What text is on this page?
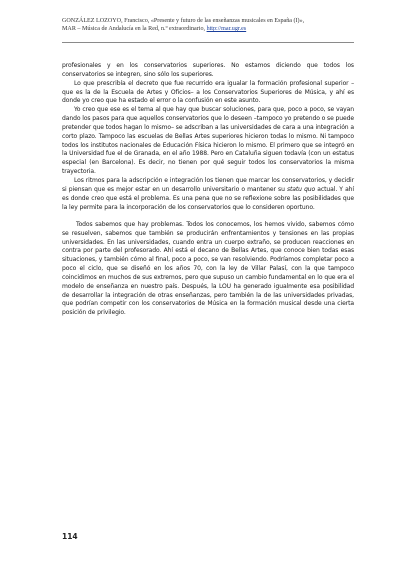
GONZÁLEZ LOZOYO, Francisco, «Presente y futuro de las enseñanzas musicales en España (I)»,
MAR – Música de Andalucía en la Red, n.º extraordinario, http://mar.ugr.es

profesionales y en los conservatorios superiores. No estamos diciendo que todos los conservatorios se integren, sino sólo los superiores.

Lo que prescribía el decreto que fue recurrido era igualar la formación profesional superior –que es la de la Escuela de Artes y Oficios– a los Conservatorios Superiores de Música, y ahí es donde yo creo que ha estado el error o la confusión en este asunto.

Yo creo que ese es el tema al que hay que buscar soluciones, para que, poco a poco, se vayan dando los pasos para que aquellos conservatorios que lo deseen –tampoco yo pretendo o se puede pretender que todos hagan lo mismo– se adscriban a las universidades de cara a una integración a corto plazo. Tampoco las escuelas de Bellas Artes superiores hicieron todas lo mismo. Ni tampoco todos los institutos nacionales de Educación Física hicieron lo mismo. El primero que se integró en la Universidad fue el de Granada, en el año 1988. Pero en Cataluña siguen todavía (con un estatus especial (en Barcelona). Es decir, no tienen por qué seguir todos los conservatorios la misma trayectoria.

Los ritmos para la adscripción e integración los tienen que marcar los conservatorios, y decidir si piensan que es mejor estar en un desarrollo universitario o mantener su statu quo actual. Y ahí es donde creo que está el problema. Es una pena que no se reflexione sobre las posibilidades que la ley permite para la incorporación de los conservatorios que lo consideren oportuno.

Todos sabemos que hay problemas. Todos los conocemos, los hemos vivido, sabemos cómo se resuelven, sabemos que también se producirán enfrentamientos y tensiones en las propias universidades. En las universidades, cuando entra un cuerpo extraño, se producen reacciones en contra por parte del profesorado. Ahí está el decano de Bellas Artes, que conoce bien todas esas situaciones, y también cómo al final, poco a poco, se van resolviendo. Podríamos completar poco a poco el ciclo, que se diseñó en los años 70, con la ley de Villar Palasí, con la que tampoco coincidimos en muchos de sus extremos, pero que supuso un cambio fundamental en lo que era el modelo de enseñanza en nuestro país. Después, la LOU ha generado igualmente esa posibilidad de desarrollar la integración de otras enseñanzas, pero también la de las universidades privadas, que podrían competir con los conservatorios de Música en la formación musical desde una cierta posición de privilegio.

114
